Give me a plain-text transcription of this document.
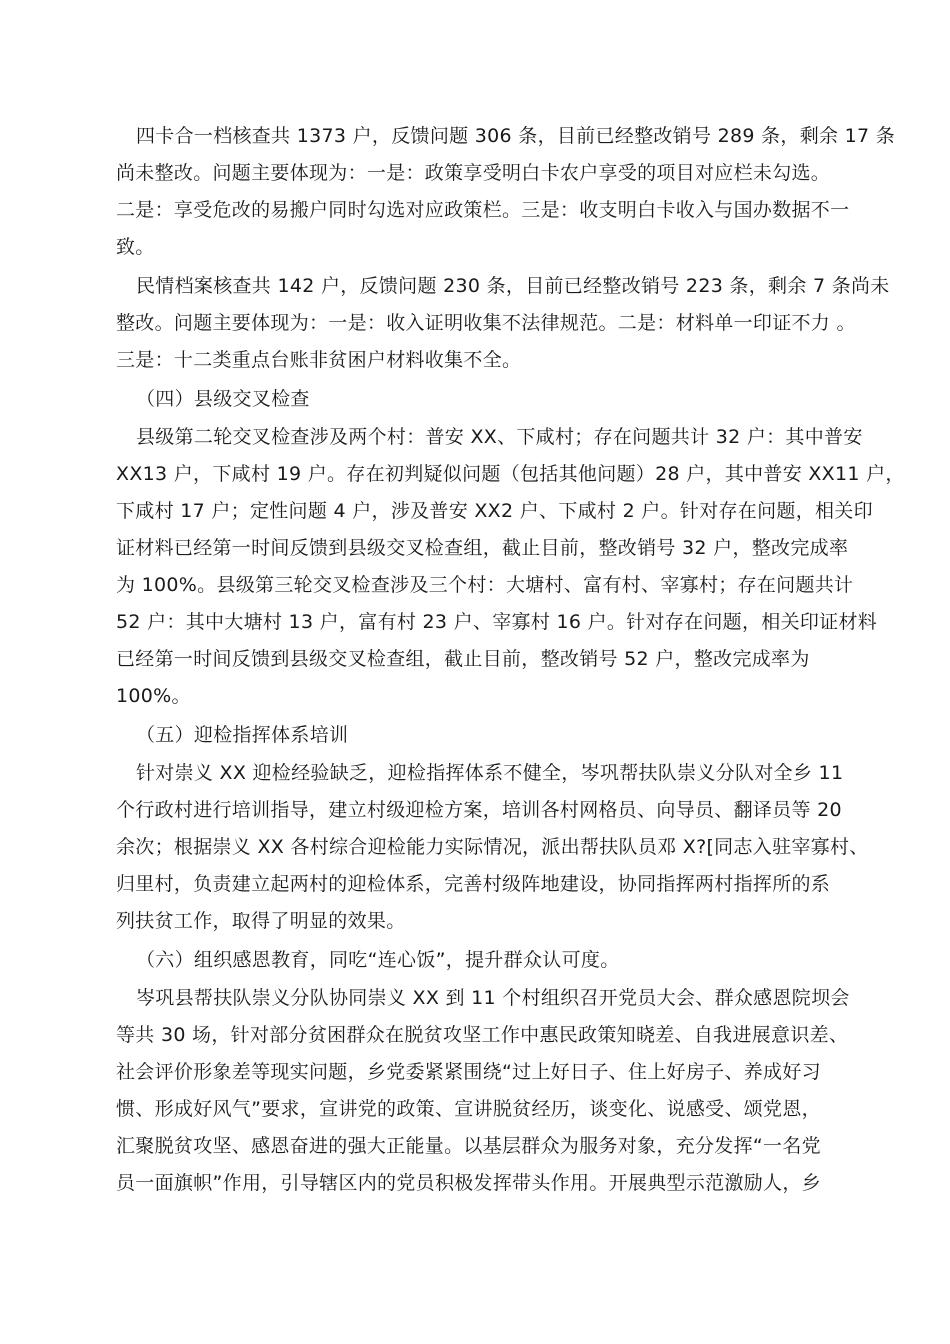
四卡合一档核查共 1373 户，反馈问题 306 条，目前已经整改销号 289 条，剩余 17 条
尚未整改。问题主要体现为：一是：政策享受明白卡农户享受的项目对应栏未勾选。
二是：享受危改的易搬户同时勾选对应政策栏。三是：收支明白卡收入与国办数据不一
致。
民情档案核查共 142 户，反馈问题 230 条，目前已经整改销号 223 条，剩余 7 条尚未
整改。问题主要体现为：一是：收入证明收集不法律规范。二是：材料单一印证不力 。
三是：十二类重点台账非贫困户材料收集不全。
（四）县级交叉检查
县级第二轮交叉检查涉及两个村：普安 XX、下咸村；存在问题共计 32 户：其中普安
XX13 户，下咸村 19 户。存在初判疑似问题（包括其他问题）28 户，其中普安 XX11 户，
下咸村 17 户；定性问题 4 户，涉及普安 XX2 户、下咸村 2 户。针对存在问题，相关印
证材料已经第一时间反馈到县级交叉检查组，截止目前，整改销号 32 户，整改完成率
为 100%。县级第三轮交叉检查涉及三个村：大塘村、富有村、宰寡村；存在问题共计
52 户：其中大塘村 13 户，富有村 23 户、宰寡村 16 户。针对存在问题，相关印证材料
已经第一时间反馈到县级交叉检查组，截止目前，整改销号 52 户，整改完成率为
100%。
（五）迎检指挥体系培训
针对崇义 XX 迎检经验缺乏，迎检指挥体系不健全，岑巩帮扶队崇义分队对全乡 11
个行政村进行培训指导，建立村级迎检方案，培训各村网格员、向导员、翻译员等 20
余次；根据崇义 XX 各村综合迎检能力实际情况，派出帮扶队员邓 X?[同志入驻宰寡村、
归里村，负责建立起两村的迎检体系，完善村级阵地建设，协同指挥两村指挥所的系
列扶贫工作，取得了明显的效果。
（六）组织感恩教育，同吃“连心饭”，提升群众认可度。
岑巩县帮扶队崇义分队协同崇义 XX 到 11 个村组织召开党员大会、群众感恩院坝会
等共 30 场，针对部分贫困群众在脱贫攻坚工作中惠民政策知晓差、自我进展意识差、
社会评价形象差等现实问题，乡党委紧紧围绕“过上好日子、住上好房子、养成好习
惯、形成好风气”要求，宣讲党的政策、宣讲脱贫经历，谈变化、说感受、颂党恩，
汇聚脱贫攻坚、感恩奋进的强大正能量。以基层群众为服务对象，充分发挥“一名党
员一面旗帜”作用，引导辖区内的党员积极发挥带头作用。开展典型示范激励人，乡
